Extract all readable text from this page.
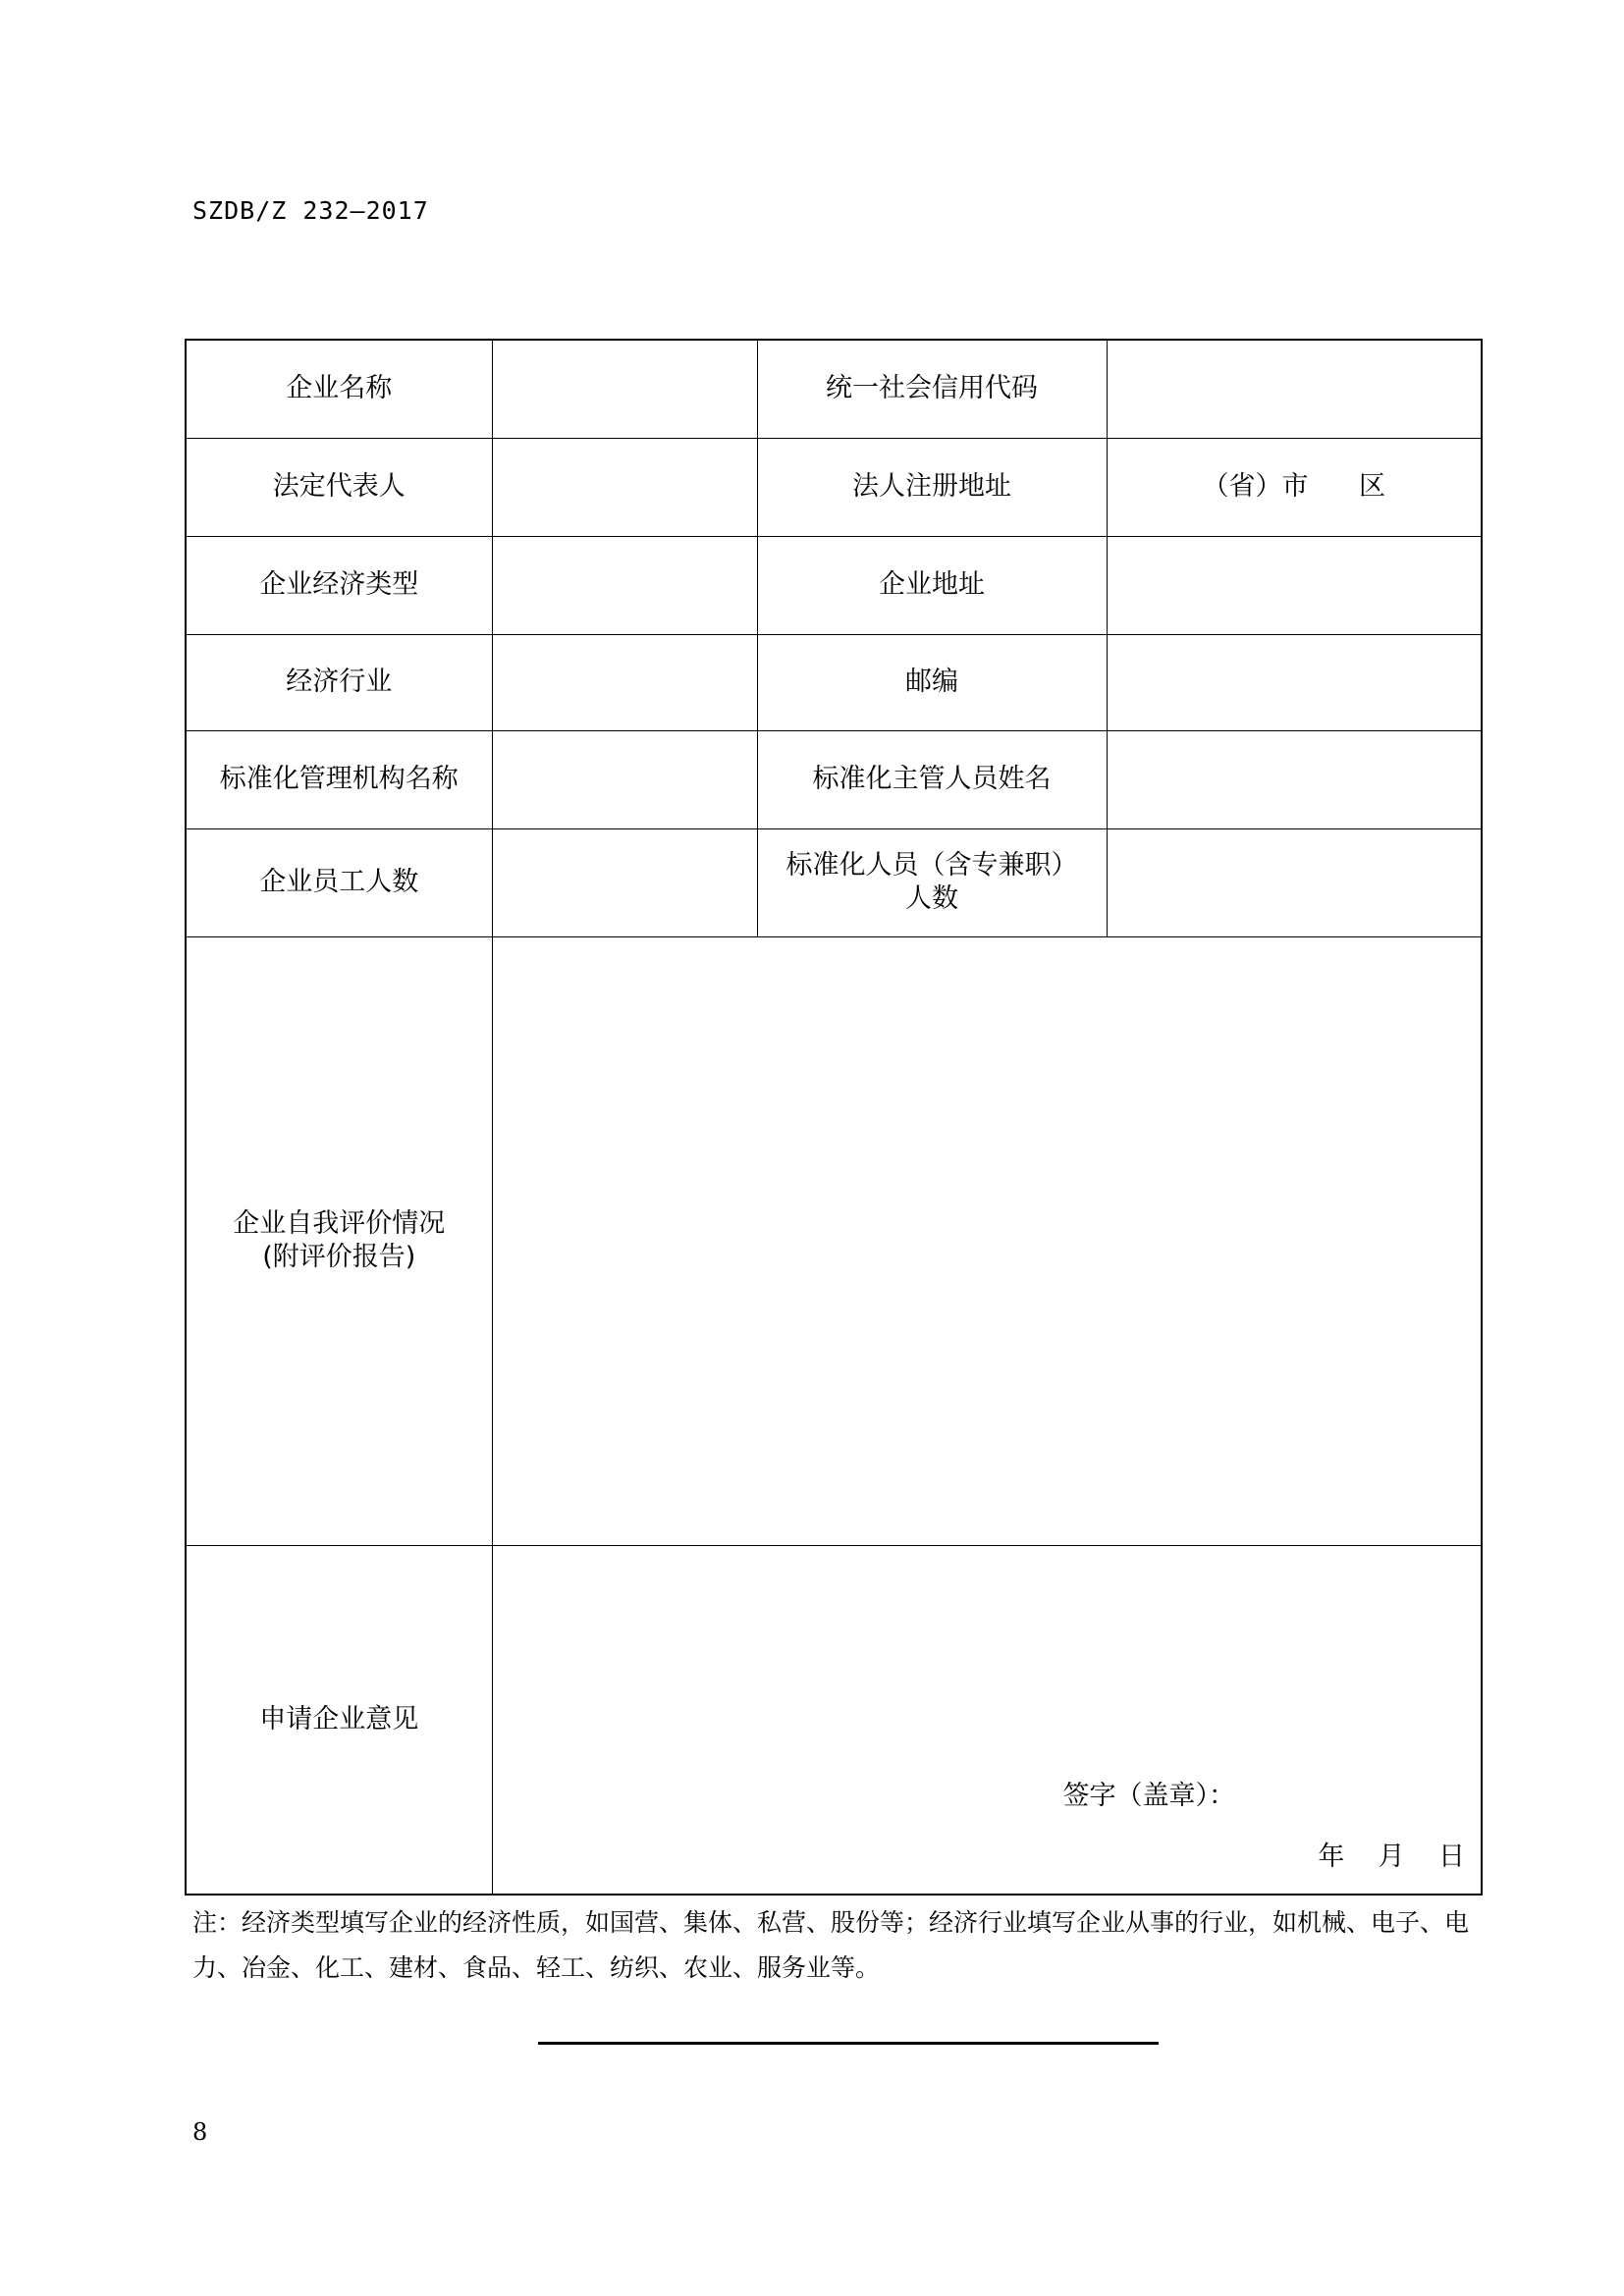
SZDB/Z 232—2017
企业名称		统一社会信用代码	
法定代表人		法人注册地址	（省）市      区
企业经济类型		企业地址	
经济行业		邮编	
标准化管理机构名称		标准化主管人员姓名	
企业员工人数		标准化人员（含专兼职）
人数	

企业自我评价情况
(附评价报告)			

申请企业意见	签字（盖章）：
年    月    日		
注：经济类型填写企业的经济性质，如国营、集体、私营、股份等；经济行业填写企业从事的行业，如机械、电子、电力、冶金、化工、建材、食品、轻工、纺织、农业、服务业等。
8
